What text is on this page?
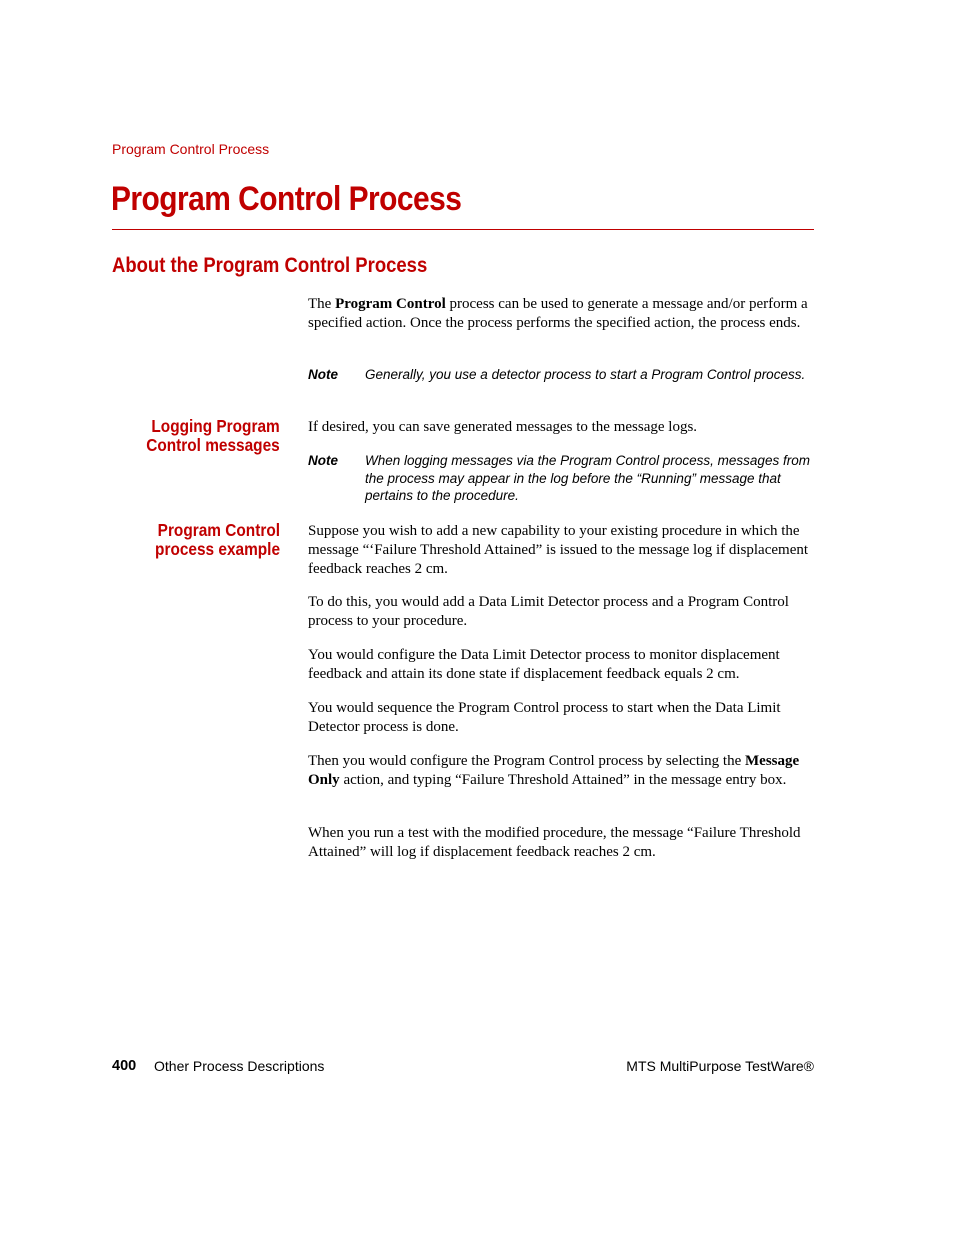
Program Control Process
Program Control Process
About the Program Control Process

The Program Control process can be used to generate a message and/or perform a specified action. Once the process performs the specified action, the process ends.

Note Generally, you use a detector process to start a Program Control process.

Logging Program
Control messages

If desired, you can save generated messages to the message logs.

Note When logging messages via the Program Control process, messages from the process may appear in the log before the “Running” message that pertains to the procedure.

Program Control
process example

Suppose you wish to add a new capability to your existing procedure in which the message “‘Failure Threshold Attained” is issued to the message log if displacement feedback reaches 2 cm.

To do this, you would add a Data Limit Detector process and a Program Control process to your procedure.

You would configure the Data Limit Detector process to monitor displacement feedback and attain its done state if displacement feedback equals 2 cm.

You would sequence the Program Control process to start when the Data Limit Detector process is done.

Then you would configure the Program Control process by selecting the Message Only action, and typing “Failure Threshold Attained” in the message entry box.

When you run a test with the modified procedure, the message “Failure Threshold Attained” will log if displacement feedback reaches 2 cm.

400 Other Process Descriptions	MTS MultiPurpose TestWare®
